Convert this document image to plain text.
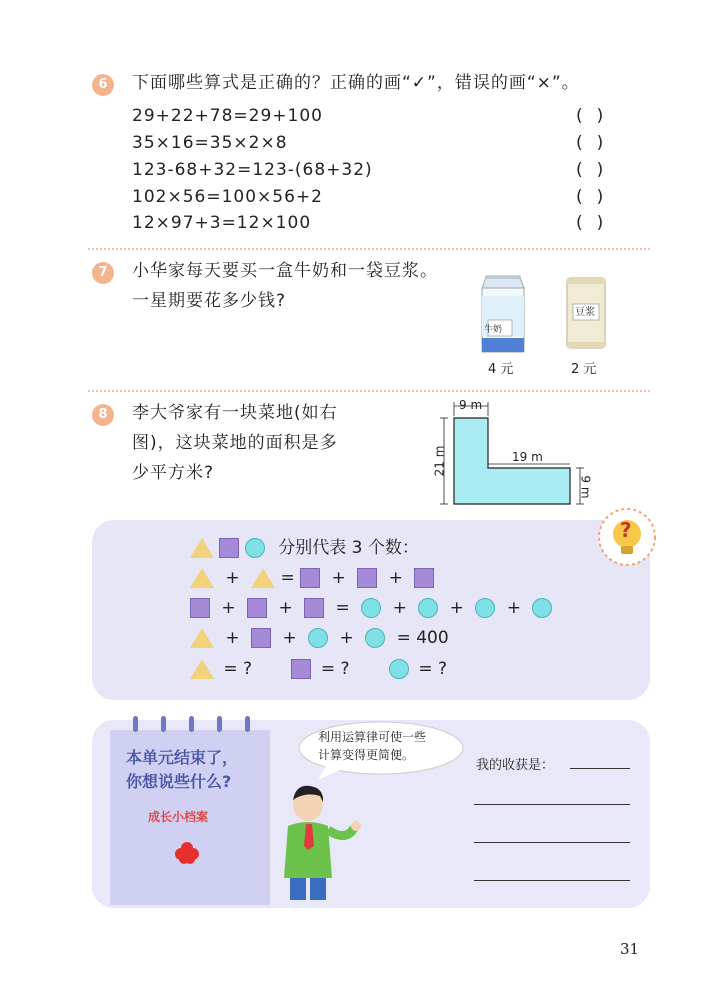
6	下面哪些算式是正确的？正确的画“✓”，错误的画“×”。
29+22+78=29+100	()
35×16=35×2×8	()
123-68+32=123-(68+32)	()
102×56=100×56+2	()
12×97+3=12×100	()
7	小华家每天要买一盒牛奶和一袋豆浆。
一星期要花多少钱?
牛奶
4 元
豆浆
2 元
8	李大爷家有一块菜地(如右
图)，这块菜地的面积是多
少平方米?
9 m
21 m	19 m
9 m
?
分别代表 3 个数：
+ = +	+
+	+	=	+	+	+
+	+	+	= 400
= ?	= ?	= ?
本单元结束了，
你想说些什么?
成长小档案
利用运算律可使一些
计算变得更简便。
我的收获是：
31
